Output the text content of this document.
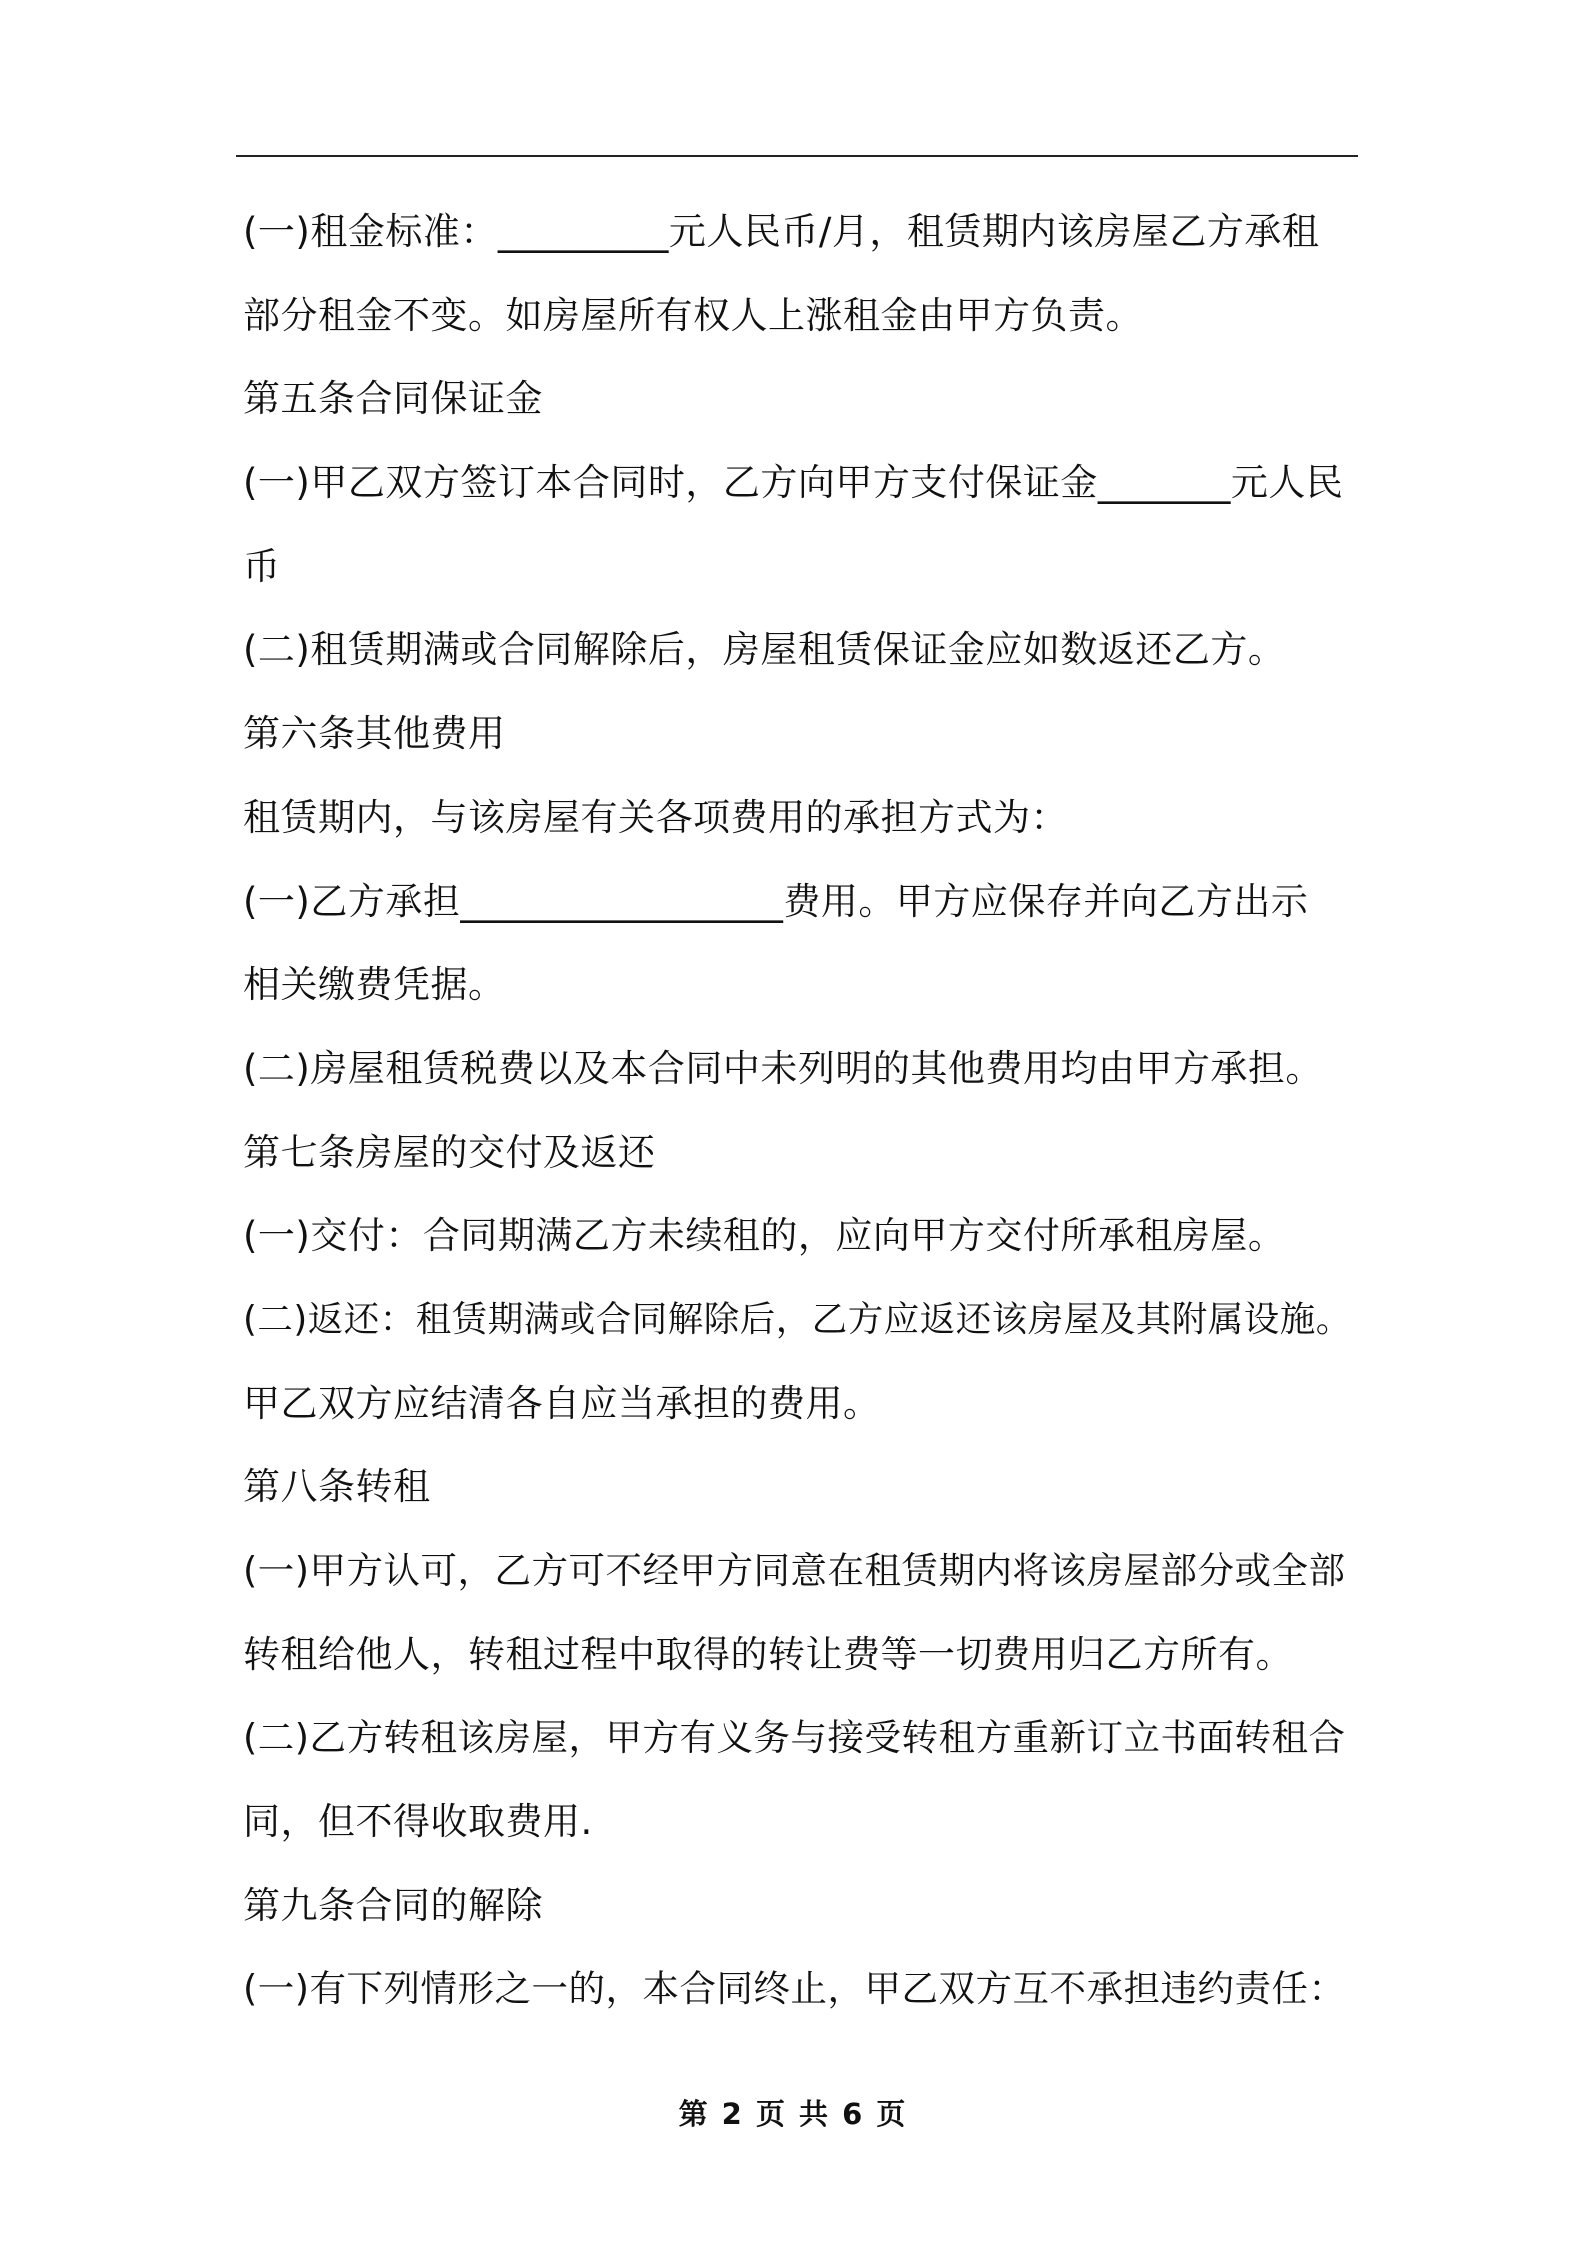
(一)租金标准：_________元人民币/月，租赁期内该房屋乙方承租
部分租金不变。如房屋所有权人上涨租金由甲方负责。
第五条合同保证金
(一)甲乙双方签订本合同时，乙方向甲方支付保证金_______元人民
币
(二)租赁期满或合同解除后，房屋租赁保证金应如数返还乙方。
第六条其他费用
租赁期内，与该房屋有关各项费用的承担方式为：
(一)乙方承担_________________费用。甲方应保存并向乙方出示
相关缴费凭据。
(二)房屋租赁税费以及本合同中未列明的其他费用均由甲方承担。
第七条房屋的交付及返还
(一)交付：合同期满乙方未续租的，应向甲方交付所承租房屋。
(二)返还：租赁期满或合同解除后，乙方应返还该房屋及其附属设施。
甲乙双方应结清各自应当承担的费用。
第八条转租
(一)甲方认可，乙方可不经甲方同意在租赁期内将该房屋部分或全部
转租给他人，转租过程中取得的转让费等一切费用归乙方所有。
(二)乙方转租该房屋，甲方有义务与接受转租方重新订立书面转租合
同，但不得收取费用.
第九条合同的解除
(一)有下列情形之一的，本合同终止，甲乙双方互不承担违约责任：
第 2 页 共 6 页
